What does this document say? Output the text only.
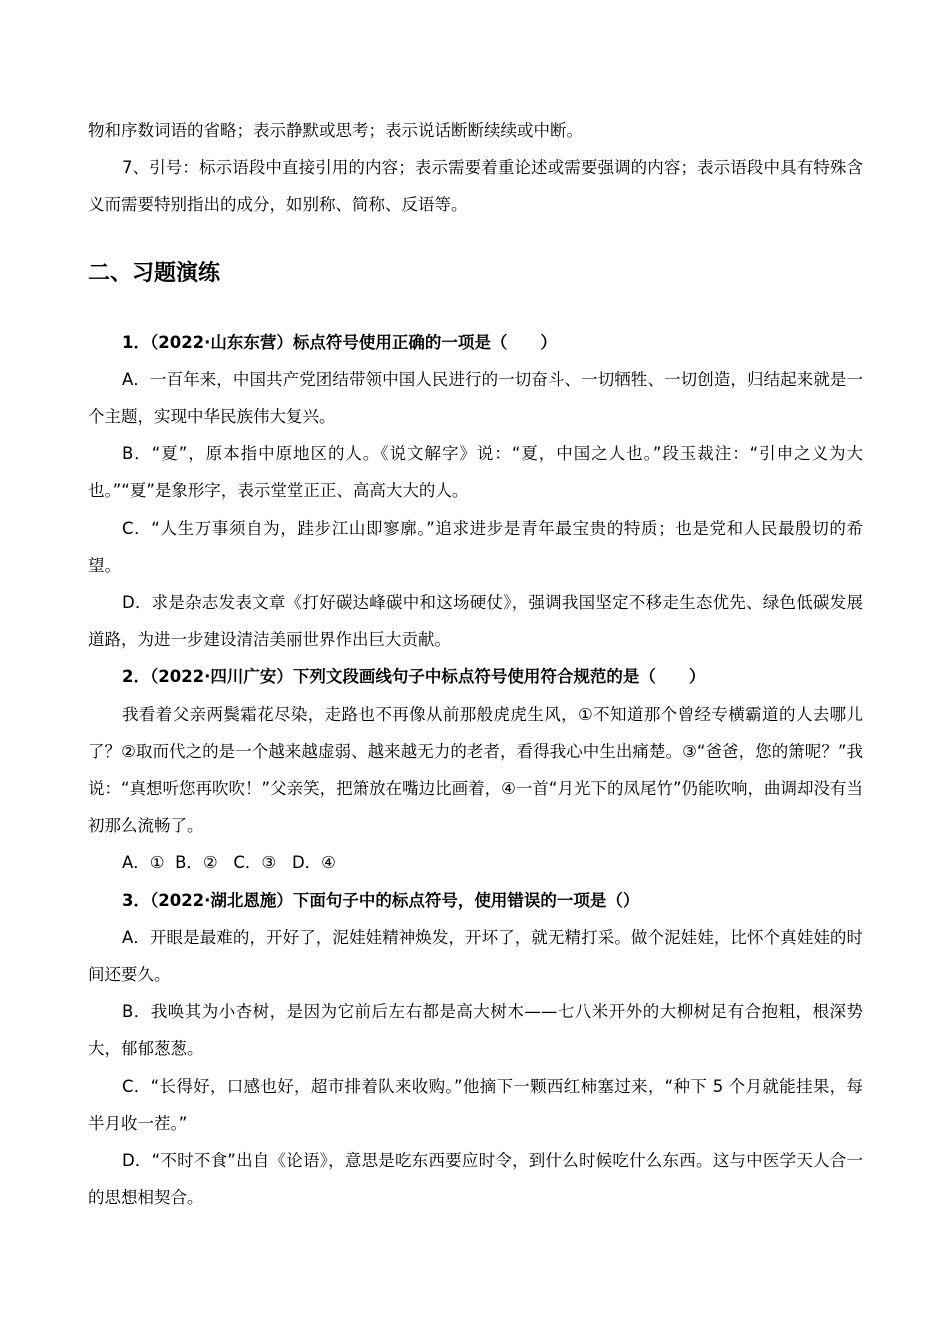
物和序数词语的省略；表示静默或思考；表示说话断断续续或中断。

7、引号：标示语段中直接引用的内容；表示需要着重论述或需要强调的内容；表示语段中具有特殊含义而需要特别指出的成分，如别称、简称、反语等。

二、习题演练

1．（2022·山东东营）标点符号使用正确的一项是（　　）

A．一百年来，中国共产党团结带领中国人民进行的一切奋斗、一切牺牲、一切创造，归结起来就是一个主题，实现中华民族伟大复兴。

B．“夏”，原本指中原地区的人。《说文解字》说：“夏，中国之人也。”段玉裁注：“引申之义为大也。”“夏”是象形字，表示堂堂正正、高高大大的人。

C．“人生万事须自为，跬步江山即寥廓。”追求进步是青年最宝贵的特质；也是党和人民最殷切的希望。

D．求是杂志发表文章《打好碳达峰碳中和这场硬仗》，强调我国坚定不移走生态优先、绿色低碳发展道路，为进一步建设清洁美丽世界作出巨大贡献。

2．（2022·四川广安）下列文段画线句子中标点符号使用符合规范的是（　　）

我看着父亲两鬓霜花尽染，走路也不再像从前那般虎虎生风，①不知道那个曾经专横霸道的人去哪儿了？②取而代之的是一个越来越虚弱、越来越无力的老者，看得我心中生出痛楚。③“爸爸，您的箫呢？”我说：“真想听您再吹吹！”父亲笑，把箫放在嘴边比画着，④一首“月光下的凤尾竹”仍能吹响，曲调却没有当初那么流畅了。

A．①  B．②   C．③   D．④

3．（2022·湖北恩施）下面句子中的标点符号，使用错误的一项是（）

A．开眼是最难的，开好了，泥娃娃精神焕发，开坏了，就无精打采。做个泥娃娃，比怀个真娃娃的时间还要久。

B．我唤其为小杏树，是因为它前后左右都是高大树木——七八米开外的大柳树足有合抱粗，根深势大，郁郁葱葱。

C．“长得好，口感也好，超市排着队来收购。”他摘下一颗西红柿塞过来，“种下 5 个月就能挂果，每半月收一茬。”

D．“不时不食”出自《论语》，意思是吃东西要应时令，到什么时候吃什么东西。这与中医学天人合一的思想相契合。
